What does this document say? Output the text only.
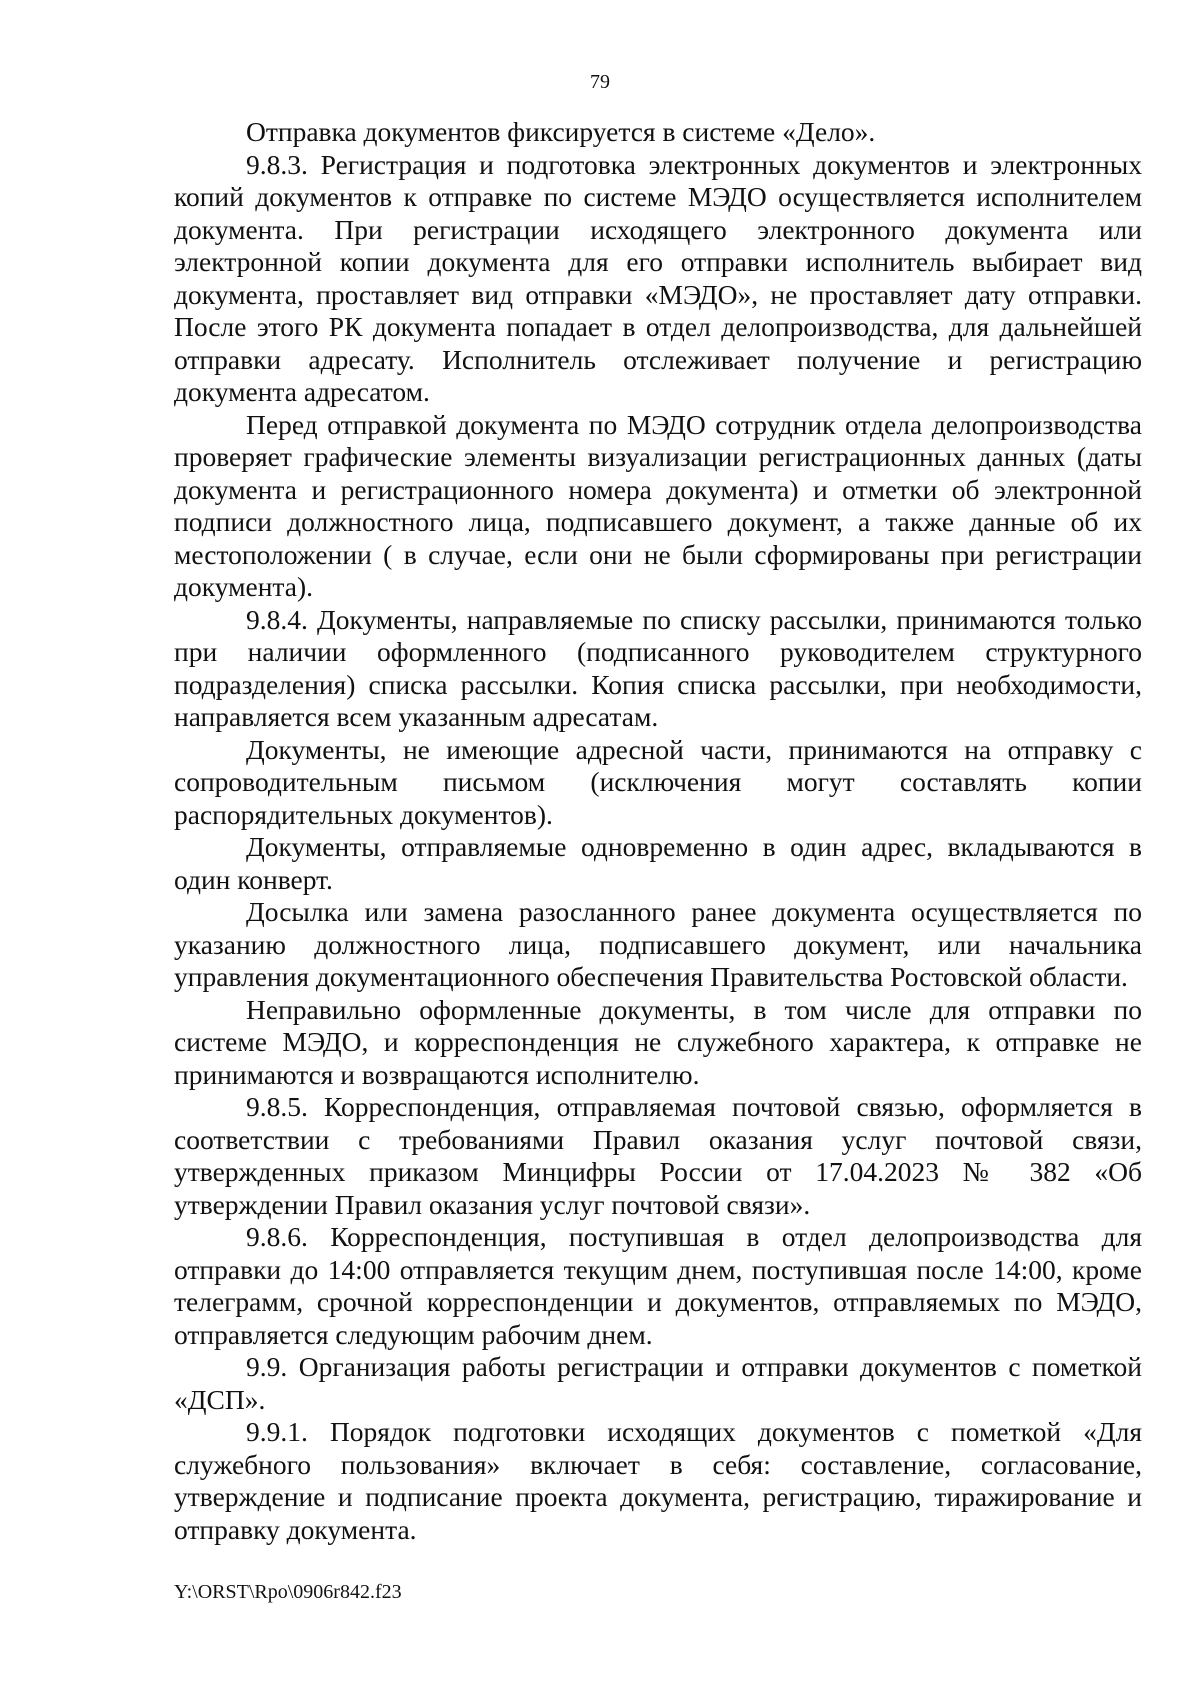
79

Отправка документов фиксируется в системе «Дело».

9.8.3. Регистрация и подготовка электронных документов и электронных копий документов к отправке по системе МЭДО осуществляется исполнителем документа. При регистрации исходящего электронного документа или электронной копии документа для его отправки исполнитель выбирает вид документа, проставляет вид отправки «МЭДО», не проставляет дату отправки. После этого РК документа попадает в отдел делопроизводства, для дальнейшей отправки адресату. Исполнитель отслеживает получение и регистрацию документа адресатом.

Перед отправкой документа по МЭДО сотрудник отдела делопроизводства проверяет графические элементы визуализации регистрационных данных (даты документа и регистрационного номера документа) и отметки об электронной подписи должностного лица, подписавшего документ, а также данные об их местоположении ( в случае, если они не были сформированы при регистрации документа).

9.8.4. Документы, направляемые по списку рассылки, принимаются только при наличии оформленного (подписанного руководителем структурного подразделения) списка рассылки. Копия списка рассылки, при необходимости, направляется всем указанным адресатам.

Документы, не имеющие адресной части, принимаются на отправку с сопроводительным письмом (исключения могут составлять копии распорядительных документов).

Документы, отправляемые одновременно в один адрес, вкладываются в один конверт.

Досылка или замена разосланного ранее документа осуществляется по указанию должностного лица, подписавшего документ, или начальника управления документационного обеспечения Правительства Ростовской области.

Неправильно оформленные документы, в том числе для отправки по системе МЭДО, и корреспонденция не служебного характера, к отправке не принимаются и возвращаются исполнителю.

9.8.5. Корреспонденция, отправляемая почтовой связью, оформляется в соответствии с требованиями Правил оказания услуг почтовой связи, утвержденных приказом Минцифры России от 17.04.2023 № 382 «Об утверждении Правил оказания услуг почтовой связи».

9.8.6. Корреспонденция, поступившая в отдел делопроизводства для отправки до 14:00 отправляется текущим днем, поступившая после 14:00, кроме телеграмм, срочной корреспонденции и документов, отправляемых по МЭДО, отправляется следующим рабочим днем.

9.9. Организация работы регистрации и отправки документов с пометкой «ДСП».

9.9.1. Порядок подготовки исходящих документов с пометкой «Для служебного пользования» включает в себя: составление, согласование, утверждение и подписание проекта документа, регистрацию, тиражирование и отправку документа.

Y:\ORST\Rpo\0906r842.f23
